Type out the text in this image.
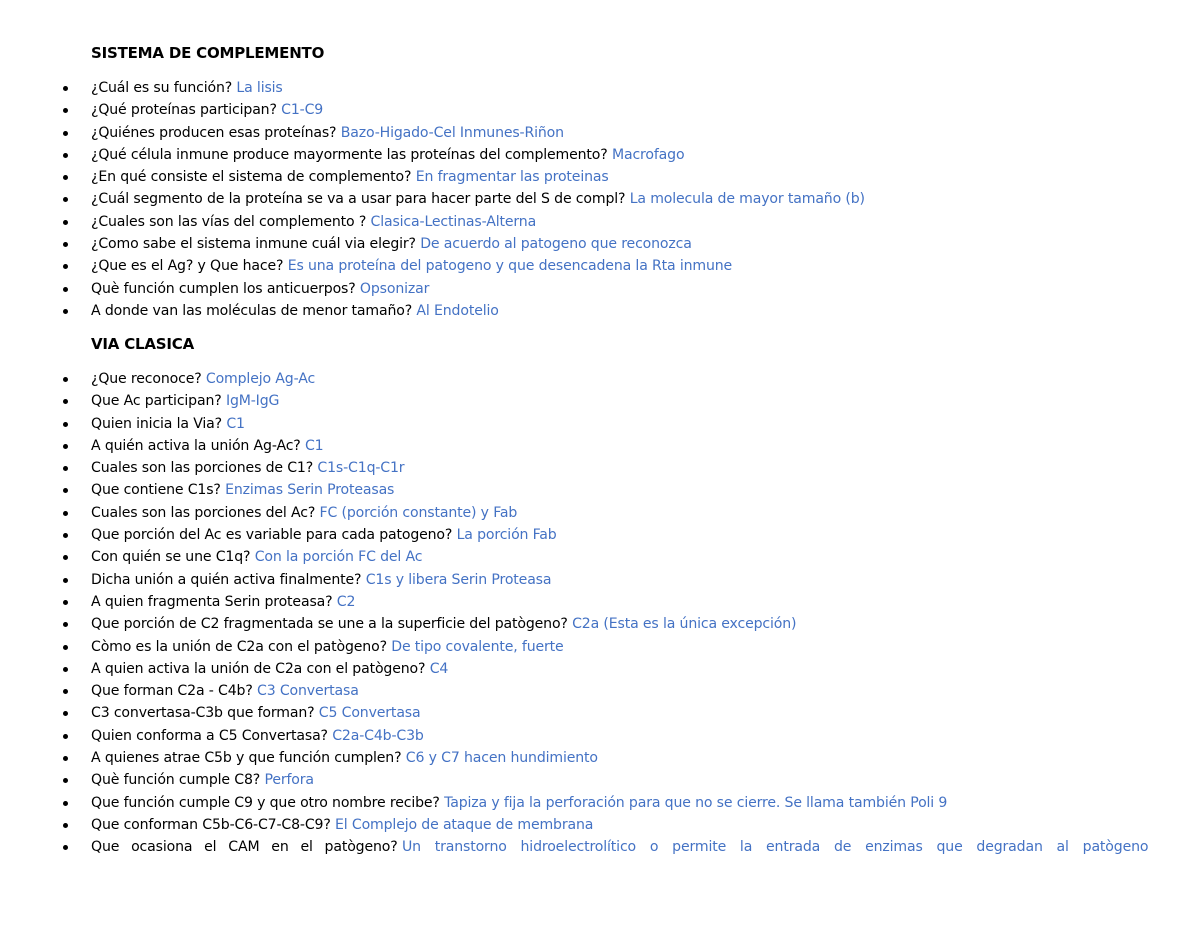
SISTEMA DE COMPLEMENTO
¿Cuál es su función? La lisis
¿Qué proteínas participan? C1-C9
¿Quiénes producen esas proteínas? Bazo-Higado-Cel Inmunes-Riñon
¿Qué célula inmune produce mayormente las proteínas del complemento? Macrofago
¿En qué consiste el sistema de complemento? En fragmentar las proteinas
¿Cuál segmento de la proteína se va a usar para hacer parte del S de compl? La molecula de mayor tamaño (b)
¿Cuales son las vías del complemento ? Clasica-Lectinas-Alterna
¿Como sabe el sistema inmune cuál via elegir? De acuerdo al patogeno que reconozca
¿Que es el Ag? y Que hace? Es una proteína del patogeno y que desencadena la Rta inmune
Què función cumplen los anticuerpos? Opsonizar
A donde van las moléculas de menor tamaño? Al Endotelio
VIA CLASICA
¿Que reconoce? Complejo Ag-Ac
Que Ac participan? IgM-IgG
Quien inicia la Via? C1
A quién activa la unión Ag-Ac? C1
Cuales son las porciones de C1? C1s-C1q-C1r
Que contiene C1s? Enzimas Serin Proteasas
Cuales son las porciones del Ac? FC (porción constante) y Fab
Que porción del Ac es variable para cada patogeno? La porción Fab
Con quién se une C1q? Con la porción FC del Ac
Dicha unión a quién activa finalmente? C1s y libera Serin Proteasa
A quien fragmenta Serin proteasa? C2
Que porción de C2 fragmentada se une a la superficie del patògeno? C2a (Esta es la única excepción)
Còmo es la unión de C2a con el patògeno? De tipo covalente, fuerte
A quien activa la unión de C2a con el patògeno? C4
Que forman C2a - C4b? C3 Convertasa
C3 convertasa-C3b que forman? C5 Convertasa
Quien conforma a C5 Convertasa? C2a-C4b-C3b
A quienes atrae C5b y que función cumplen? C6 y C7 hacen hundimiento
Què función cumple C8? Perfora
Que función cumple C9 y que otro nombre recibe? Tapiza y fija la perforación para que no se cierre. Se llama también Poli 9
Que conforman C5b-C6-C7-C8-C9? El Complejo de ataque de membrana
Que ocasiona el CAM en el patògeno? Un transtorno hidroelectrolítico o permite la entrada de enzimas que degradan al patògeno
